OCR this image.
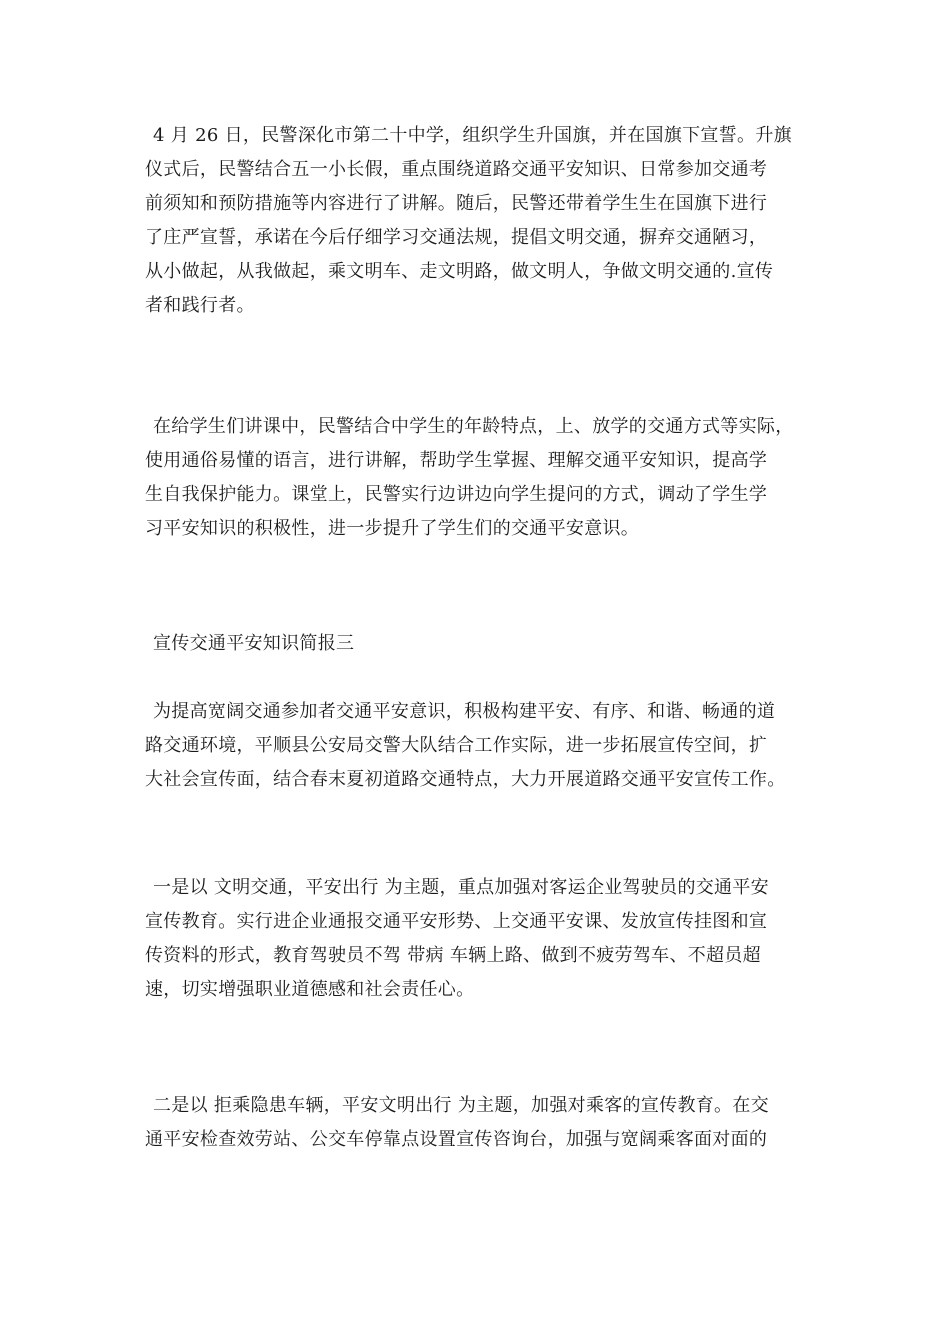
4 月 26 日，民警深化市第二十中学，组织学生升国旗，并在国旗下宣誓。升旗
仪式后，民警结合五一小长假，重点围绕道路交通平安知识、日常参加交通考
前须知和预防措施等内容进行了讲解。随后，民警还带着学生生在国旗下进行
了庄严宣誓，承诺在今后仔细学习交通法规，提倡文明交通，摒弃交通陋习，
从小做起，从我做起，乘文明车、走文明路，做文明人，争做文明交通的.宣传
者和践行者。
在给学生们讲课中，民警结合中学生的年龄特点，上、放学的交通方式等实际，
使用通俗易懂的语言，进行讲解，帮助学生掌握、理解交通平安知识，提高学
生自我保护能力。课堂上，民警实行边讲边向学生提问的方式，调动了学生学
习平安知识的积极性，进一步提升了学生们的交通平安意识。
宣传交通平安知识简报三
为提高宽阔交通参加者交通平安意识，积极构建平安、有序、和谐、畅通的道
路交通环境，平顺县公安局交警大队结合工作实际，进一步拓展宣传空间，扩
大社会宣传面，结合春末夏初道路交通特点，大力开展道路交通平安宣传工作。
一是以 文明交通，平安出行 为主题，重点加强对客运企业驾驶员的交通平安
宣传教育。实行进企业通报交通平安形势、上交通平安课、发放宣传挂图和宣
传资料的形式，教育驾驶员不驾 带病 车辆上路、做到不疲劳驾车、不超员超
速，切实增强职业道德感和社会责任心。
二是以 拒乘隐患车辆，平安文明出行 为主题，加强对乘客的宣传教育。在交
通平安检查效劳站、公交车停靠点设置宣传咨询台，加强与宽阔乘客面对面的
